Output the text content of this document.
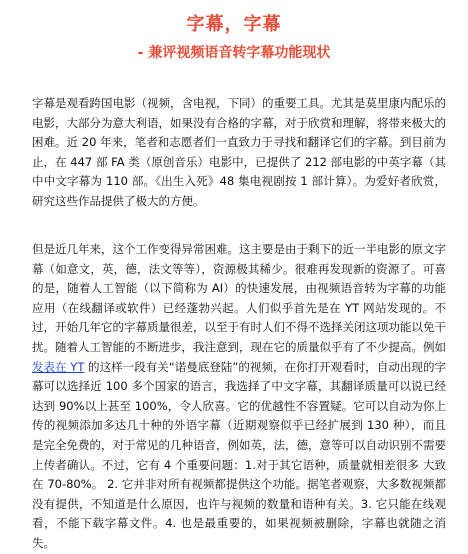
字幕，字幕
- 兼评视频语音转字幕功能现状
字幕是观看跨国电影（视频，含电视，下同）的重要工具。尤其是莫里康内配乐的电影，大部分为意大利语，如果没有合格的字幕，对于欣赏和理解，将带来极大的困难。近 20 年来，笔者和志愿者们一直致力于寻找和翻译它们的字幕。到目前为止，在 447 部 FA 类（原创音乐）电影中，已提供了 212 部电影的中英字幕（其中中文字幕为 110 部。《出生入死》48 集电视剧按 1 部计算）。为爱好者欣赏，研究这些作品提供了极大的方便。
但是近几年来，这个工作变得异常困难。这主要是由于剩下的近一半电影的原文字幕（如意文，英，德，法文等等），资源极其稀少。很难再发现新的资源了。可喜的是，随着人工智能（以下简称为 AI）的快速发展，由视频语音转为字幕的功能应用（在线翻译或软件）已经蓬勃兴起。人们似乎首先是在 YT 网站发现的。不过，开始几年它的字幕质量很差，以至于有时人们不得不选择关闭这项功能以免干扰。随着人工智能的不断进步，我注意到，现在它的质量似乎有了不少提高。例如发表在 YT 的这样一段有关“诺曼底登陆”的视频，在你打开观看时，自动出现的字幕可以选择近 100 多个国家的语言，我选择了中文字幕，其翻译质量可以说已经达到 90%以上甚至 100%，令人欣喜。它的优越性不容置疑。它可以自动为你上传的视频添加多达几十种的外语字幕（近期观察似乎已经扩展到 130 种），而且是完全免费的，对于常见的几种语音，例如英，法，德，意等可以自动识别不需要上传者确认。不过，它有 4 个重要问题：1.对于其它语种，质量就相差很多 大致在 70-80%。 2. 它并非对所有视频都提供这个功能。据笔者观察，大多数视频都没有提供，不知道是什么原因，也许与视频的数量和语种有关。3. 它只能在线观看，不能下载字幕文件。4. 也是最重要的，如果视频被删除，字幕也就随之消失。
